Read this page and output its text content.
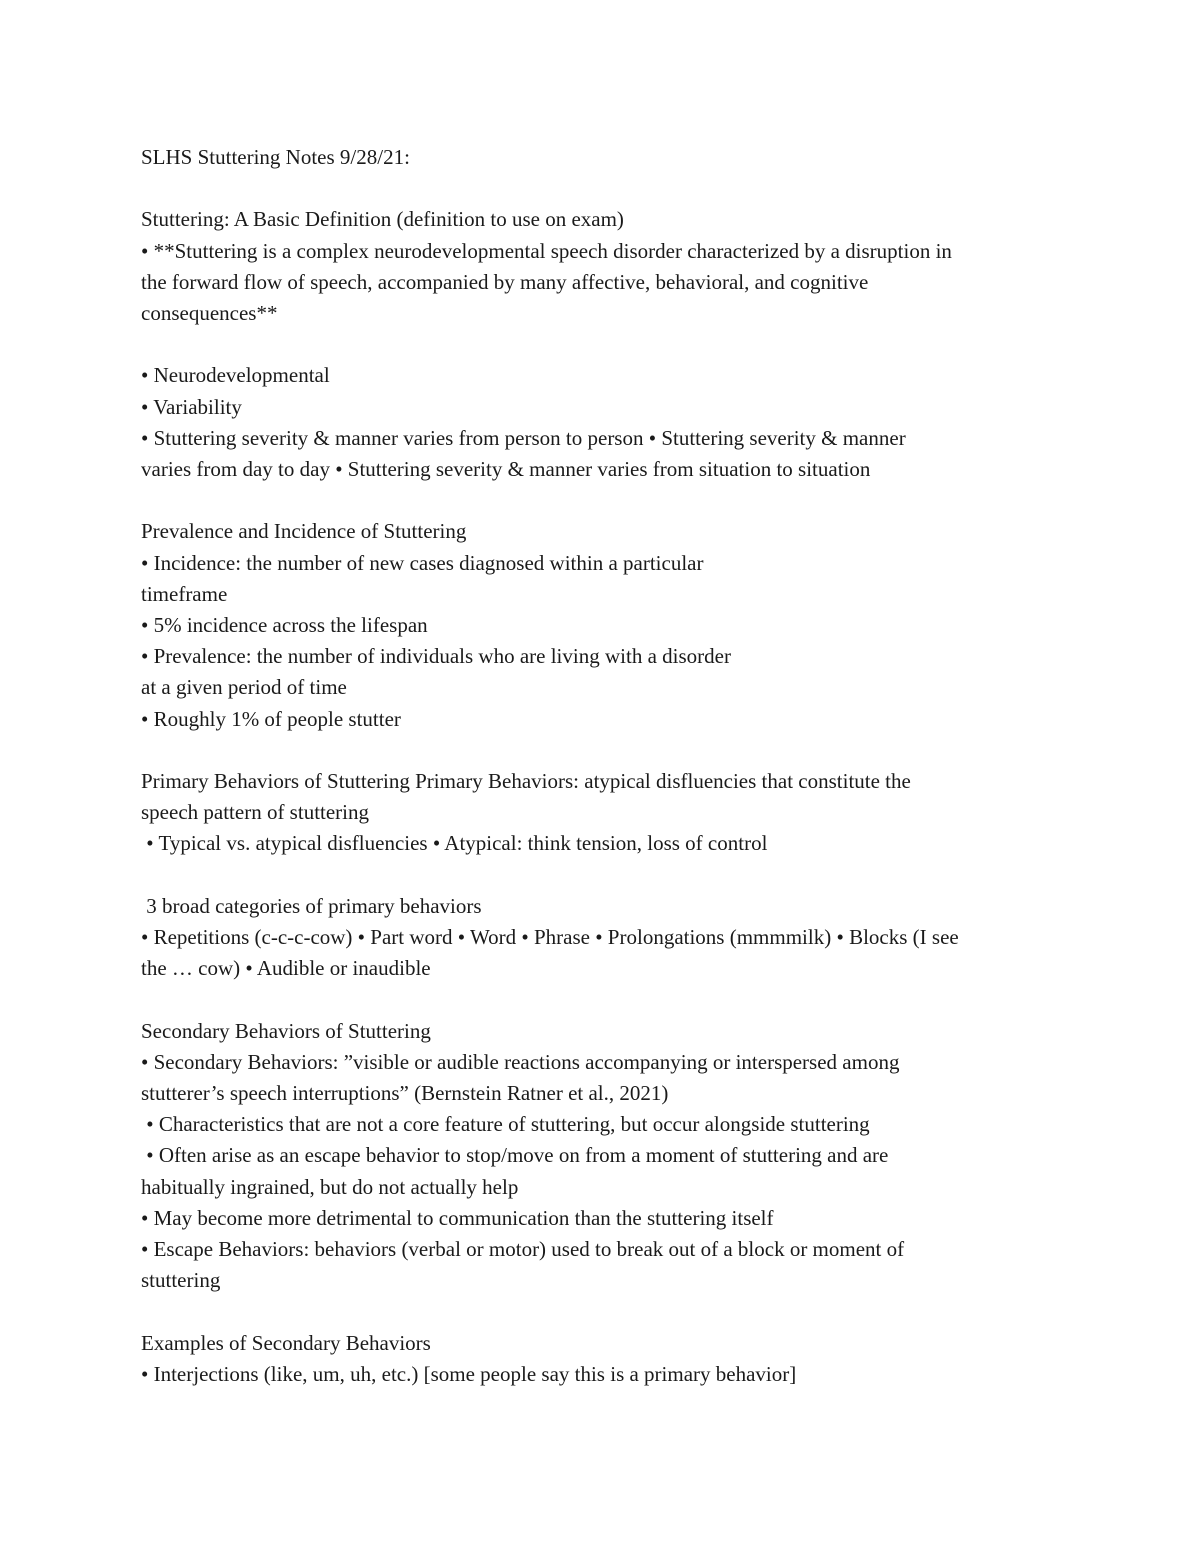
SLHS Stuttering Notes 9/28/21:
Stuttering: A Basic Definition (definition to use on exam)
• **Stuttering is a complex neurodevelopmental speech disorder characterized by a disruption in
the forward flow of speech, accompanied by many affective, behavioral, and cognitive
consequences**
• Neurodevelopmental
• Variability
• Stuttering severity & manner varies from person to person • Stuttering severity & manner
varies from day to day • Stuttering severity & manner varies from situation to situation
Prevalence and Incidence of Stuttering
• Incidence: the number of new cases diagnosed within a particular
timeframe
• 5% incidence across the lifespan
• Prevalence: the number of individuals who are living with a disorder
at a given period of time
• Roughly 1% of people stutter
Primary Behaviors of Stuttering Primary Behaviors: atypical disfluencies that constitute the
speech pattern of stuttering
• Typical vs. atypical disfluencies • Atypical: think tension, loss of control
3 broad categories of primary behaviors
• Repetitions (c-c-c-cow) • Part word • Word • Phrase • Prolongations (mmmmilk) • Blocks (I see
the … cow) • Audible or inaudible
Secondary Behaviors of Stuttering
• Secondary Behaviors: ”visible or audible reactions accompanying or interspersed among
stutterer’s speech interruptions” (Bernstein Ratner et al., 2021)
• Characteristics that are not a core feature of stuttering, but occur alongside stuttering
• Often arise as an escape behavior to stop/move on from a moment of stuttering and are
habitually ingrained, but do not actually help
• May become more detrimental to communication than the stuttering itself
• Escape Behaviors: behaviors (verbal or motor) used to break out of a block or moment of
stuttering
Examples of Secondary Behaviors
• Interjections (like, um, uh, etc.) [some people say this is a primary behavior]
